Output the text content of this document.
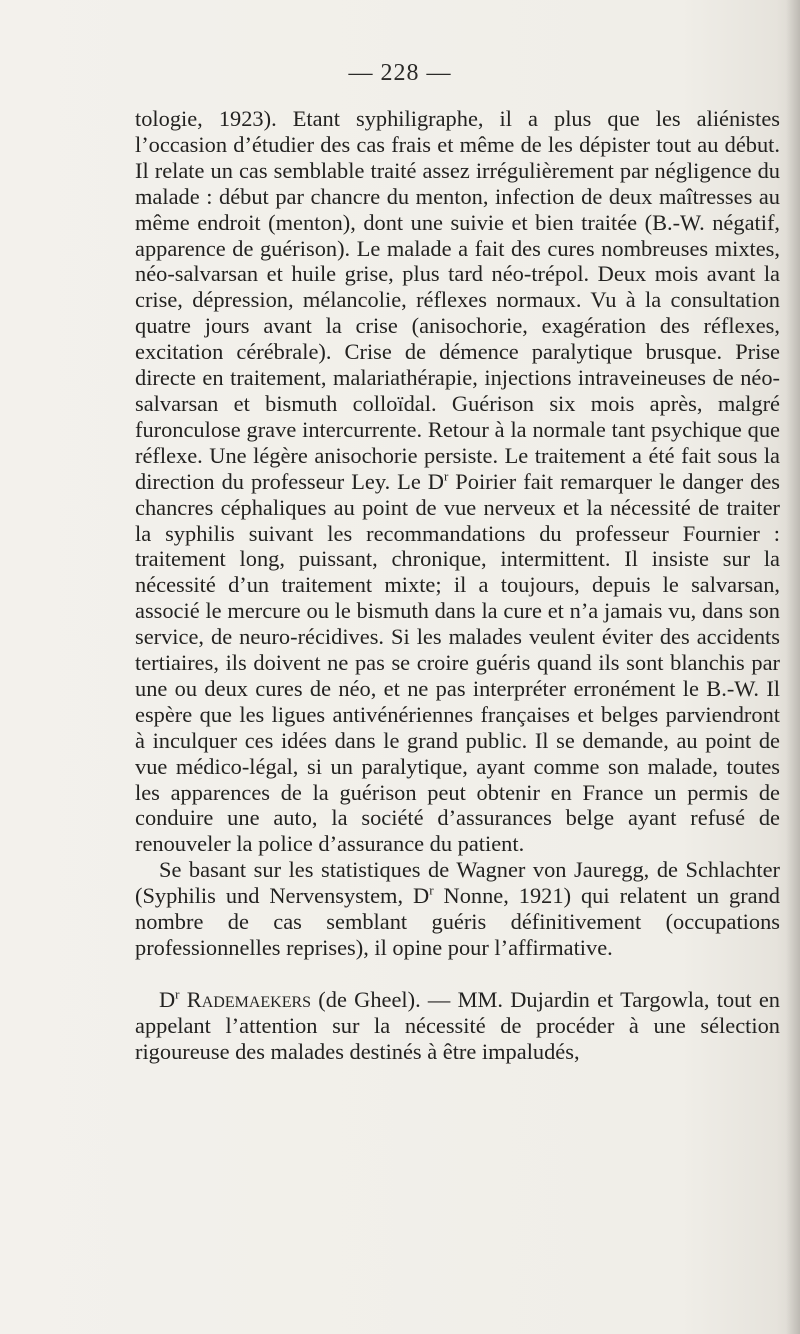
— 228 —

tologie, 1923). Etant syphiligraphe, il a plus que les aliénistes l’occasion d’étudier des cas frais et même de les dépister tout au début. Il relate un cas semblable traité assez irrégulièrement par négligence du malade : début par chancre du menton, infection de deux maîtresses au même endroit (menton), dont une suivie et bien traitée (B.-W. négatif, apparence de guérison). Le malade a fait des cures nombreuses mixtes, néo-salvarsan et huile grise, plus tard néo-trépol. Deux mois avant la crise, dépression, mélancolie, réflexes normaux. Vu à la consultation quatre jours avant la crise (anisochorie, exagération des réflexes, excitation cérébrale). Crise de démence paralytique brusque. Prise directe en traitement, malariathérapie, injections intraveineuses de néo-salvarsan et bismuth colloïdal. Guérison six mois après, malgré furonculose grave intercurrente. Retour à la normale tant psychique que réflexe. Une légère anisochorie persiste. Le traitement a été fait sous la direction du professeur Ley. Le $D^r$ Poirier fait remarquer le danger des chancres céphaliques au point de vue nerveux et la nécessité de traiter la syphilis suivant les recommandations du professeur Fournier : traitement long, puissant, chronique, intermittent. Il insiste sur la nécessité d’un traitement mixte; il a toujours, depuis le salvarsan, associé le mercure ou le bismuth dans la cure et n’a jamais vu, dans son service, de neuro-récidives. Si les malades veulent éviter des accidents tertiaires, ils doivent ne pas se croire guéris quand ils sont blanchis par une ou deux cures de néo, et ne pas interpréter erronément le B.-W. Il espère que les ligues antivénériennes françaises et belges parviendront à inculquer ces idées dans le grand public. Il se demande, au point de vue médico-légal, si un paralytique, ayant comme son malade, toutes les apparences de la guérison peut obtenir en France un permis de conduire une auto, la société d’assurances belge ayant refusé de renouveler la police d’assurance du patient.

Se basant sur les statistiques de Wagner von Jauregg, de Schlachter (Syphilis und Nervensystem, $D^r$ Nonne, 1921) qui relatent un grand nombre de cas semblant guéris définitivement (occupations professionnelles reprises), il opine pour l’affirmative.

$D^r$ Rademaekers (de Gheel). — MM. Dujardin et Targowla, tout en appelant l’attention sur la nécessité de procéder à une sélection rigoureuse des malades destinés à être impaludés,
